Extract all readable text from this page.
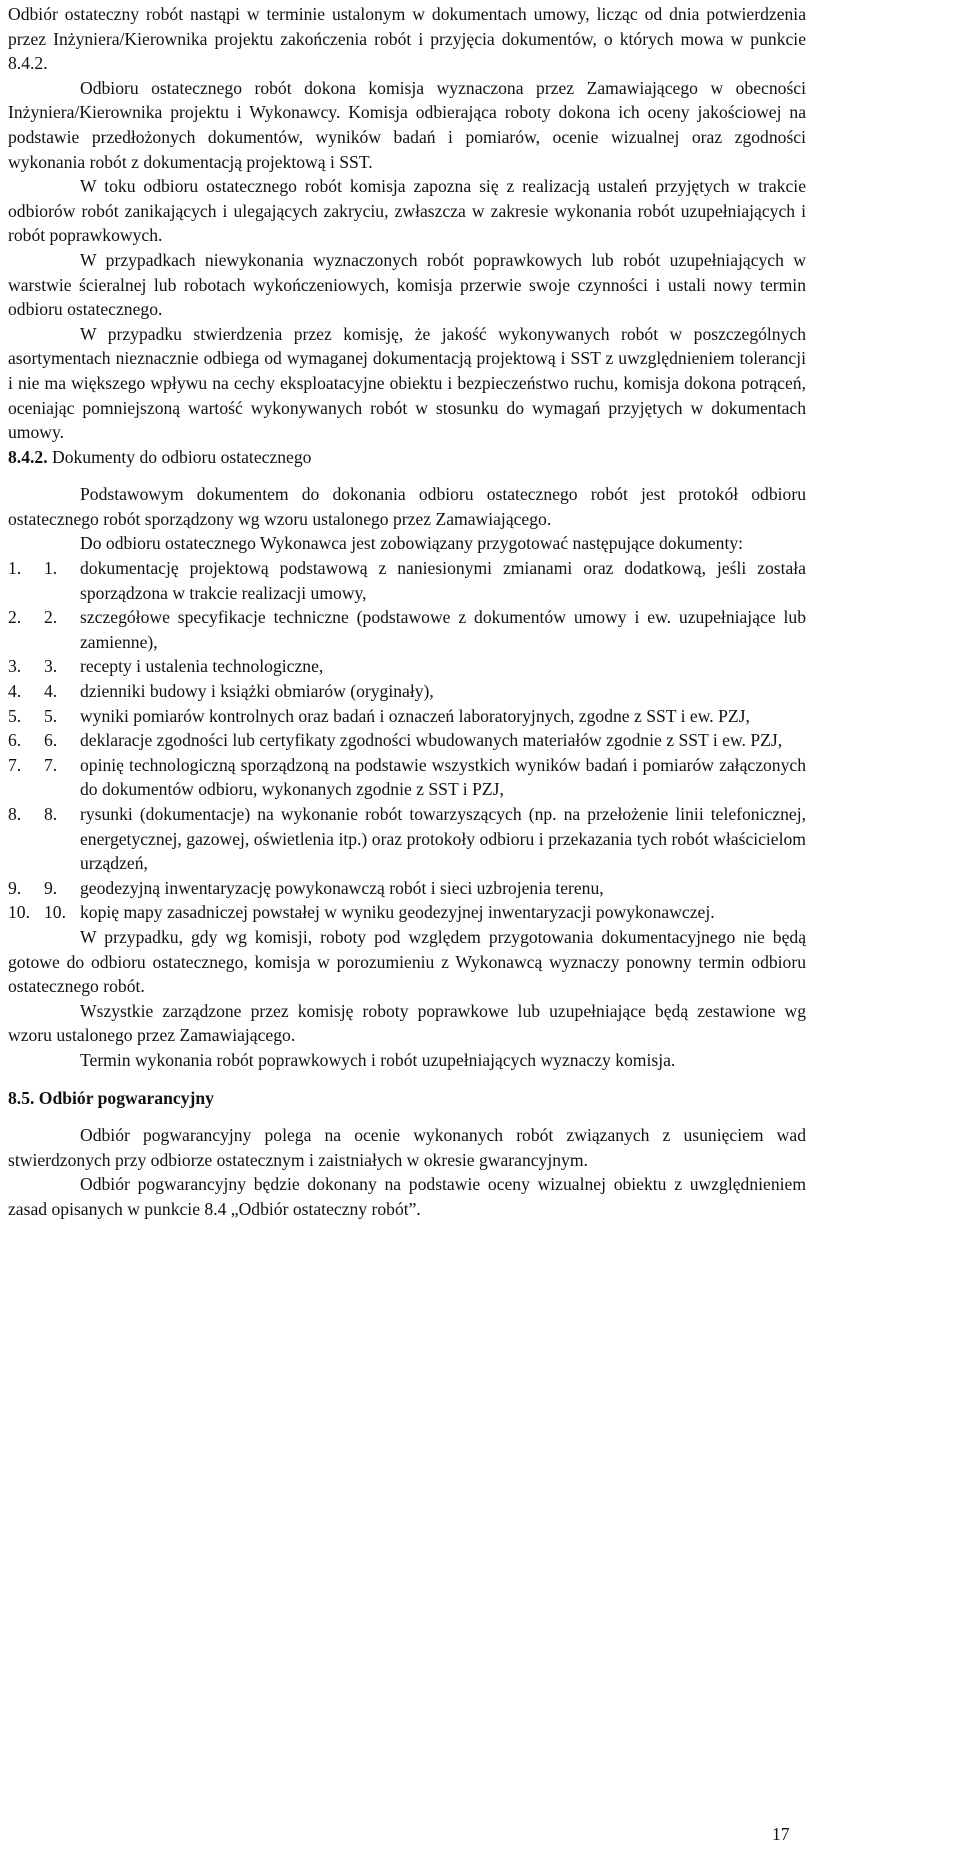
Odbiór ostateczny robót nastąpi w terminie ustalonym w dokumentach umowy, licząc od dnia potwierdzenia przez Inżyniera/Kierownika projektu zakończenia robót i przyjęcia dokumentów, o których mowa w punkcie 8.4.2.

Odbioru ostatecznego robót dokona komisja wyznaczona przez Zamawiającego w obecności Inżyniera/Kierownika projektu i Wykonawcy. Komisja odbierająca roboty dokona ich oceny jakościowej na podstawie przedłożonych dokumentów, wyników badań i pomiarów, ocenie wizualnej oraz zgodności wykonania robót z dokumentacją projektową i SST.

W toku odbioru ostatecznego robót komisja zapozna się z realizacją ustaleń przyjętych w trakcie odbiorów robót zanikających i ulegających zakryciu, zwłaszcza w zakresie wykonania robót uzupełniających i robót poprawkowych.

W przypadkach niewykonania wyznaczonych robót poprawkowych lub robót uzupełniających w warstwie ścieralnej lub robotach wykończeniowych, komisja przerwie swoje czynności i ustali nowy termin odbioru ostatecznego.

W przypadku stwierdzenia przez komisję, że jakość wykonywanych robót w poszczególnych asortymentach nieznacznie odbiega od wymaganej dokumentacją projektową i SST z uwzględnieniem tolerancji i nie ma większego wpływu na cechy eksploatacyjne obiektu i bezpieczeństwo ruchu, komisja dokona potrąceń, oceniając pomniejszoną wartość wykonywanych robót w stosunku do wymagań przyjętych w dokumentach umowy.

8.4.2. Dokumenty do odbioru ostatecznego

Podstawowym dokumentem do dokonania odbioru ostatecznego robót jest protokół odbioru ostatecznego robót sporządzony wg wzoru ustalonego przez Zamawiającego.

Do odbioru ostatecznego Wykonawca jest zobowiązany przygotować następujące dokumenty:

1.	1.	dokumentację projektową podstawową z naniesionymi zmianami oraz dodatkową, jeśli została sporządzona w trakcie realizacji umowy,
2.	2.	szczegółowe specyfikacje techniczne (podstawowe z dokumentów umowy i ew. uzupełniające lub zamienne),
3.	3.	recepty i ustalenia technologiczne,
4.	4.	dzienniki budowy i książki obmiarów (oryginały),
5.	5.	wyniki pomiarów kontrolnych oraz badań i oznaczeń laboratoryjnych, zgodne z SST i ew. PZJ,
6.	6.	deklaracje zgodności lub certyfikaty zgodności wbudowanych materiałów zgodnie z SST i ew. PZJ,
7.	7.	opinię technologiczną sporządzoną na podstawie wszystkich wyników badań i pomiarów załączonych do dokumentów odbioru, wykonanych zgodnie z SST i PZJ,
8.	8.	rysunki (dokumentacje) na wykonanie robót towarzyszących (np. na przełożenie linii telefonicznej, energetycznej, gazowej, oświetlenia itp.) oraz protokoły odbioru i przekazania tych robót właścicielom urządzeń,
9.	9.	geodezyjną inwentaryzację powykonawczą robót i sieci uzbrojenia terenu,
10. 10. kopię mapy zasadniczej powstałej w wyniku geodezyjnej inwentaryzacji powykonawczej.

W przypadku, gdy wg komisji, roboty pod względem przygotowania dokumentacyjnego nie będą gotowe do odbioru ostatecznego, komisja w porozumieniu z Wykonawcą wyznaczy ponowny termin odbioru ostatecznego robót.

Wszystkie zarządzone przez komisję roboty poprawkowe lub uzupełniające będą zestawione wg wzoru ustalonego przez Zamawiającego.

Termin wykonania robót poprawkowych i robót uzupełniających wyznaczy komisja.

8.5. Odbiór pogwarancyjny

Odbiór pogwarancyjny polega na ocenie wykonanych robót związanych z usunięciem wad stwierdzonych przy odbiorze ostatecznym i zaistniałych w okresie gwarancyjnym.

Odbiór pogwarancyjny będzie dokonany na podstawie oceny wizualnej obiektu z uwzględnieniem zasad opisanych w punkcie 8.4 „Odbiór ostateczny robót”.

17
